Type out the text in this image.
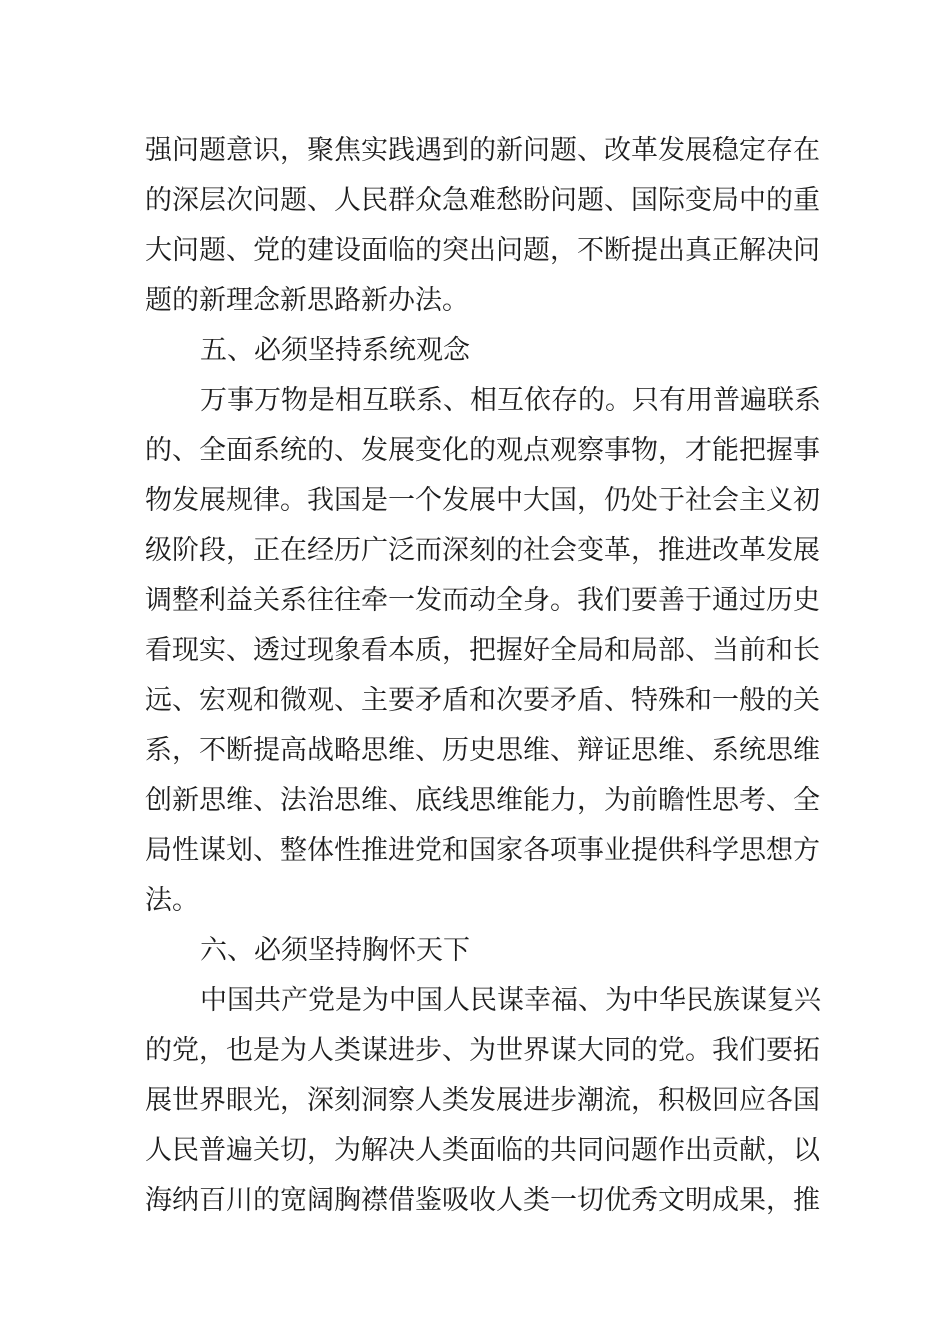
强问题意识，聚焦实践遇到的新问题、改革发展稳定存在
的深层次问题、人民群众急难愁盼问题、国际变局中的重
大问题、党的建设面临的突出问题，不断提出真正解决问
题的新理念新思路新办法。
五、必须坚持系统观念
万事万物是相互联系、相互依存的。只有用普遍联系
的、全面系统的、发展变化的观点观察事物，才能把握事
物发展规律。我国是一个发展中大国，仍处于社会主义初
级阶段，正在经历广泛而深刻的社会变革，推进改革发展
调整利益关系往往牵一发而动全身。我们要善于通过历史
看现实、透过现象看本质，把握好全局和局部、当前和长
远、宏观和微观、主要矛盾和次要矛盾、特殊和一般的关
系，不断提高战略思维、历史思维、辩证思维、系统思维
创新思维、法治思维、底线思维能力，为前瞻性思考、全
局性谋划、整体性推进党和国家各项事业提供科学思想方
法。
六、必须坚持胸怀天下
中国共产党是为中国人民谋幸福、为中华民族谋复兴
的党，也是为人类谋进步、为世界谋大同的党。我们要拓
展世界眼光，深刻洞察人类发展进步潮流，积极回应各国
人民普遍关切，为解决人类面临的共同问题作出贡献，以
海纳百川的宽阔胸襟借鉴吸收人类一切优秀文明成果，推
